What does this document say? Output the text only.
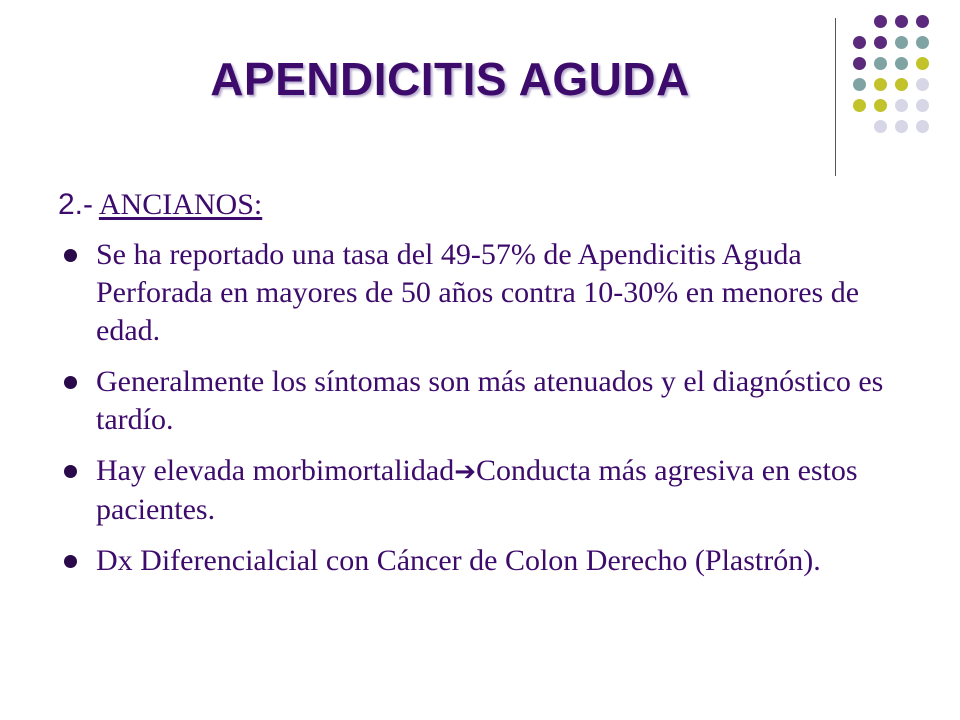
APENDICITIS AGUDA
2.- ANCIANOS:
Se ha reportado una tasa del 49-57% de Apendicitis Aguda Perforada en mayores de 50 años contra 10-30% en menores de edad.
Generalmente los síntomas son más atenuados y el diagnóstico es tardío.
Hay elevada morbimortalidad➔Conducta más agresiva en estos pacientes.
Dx Diferencialcial con Cáncer de Colon Derecho (Plastrón).
